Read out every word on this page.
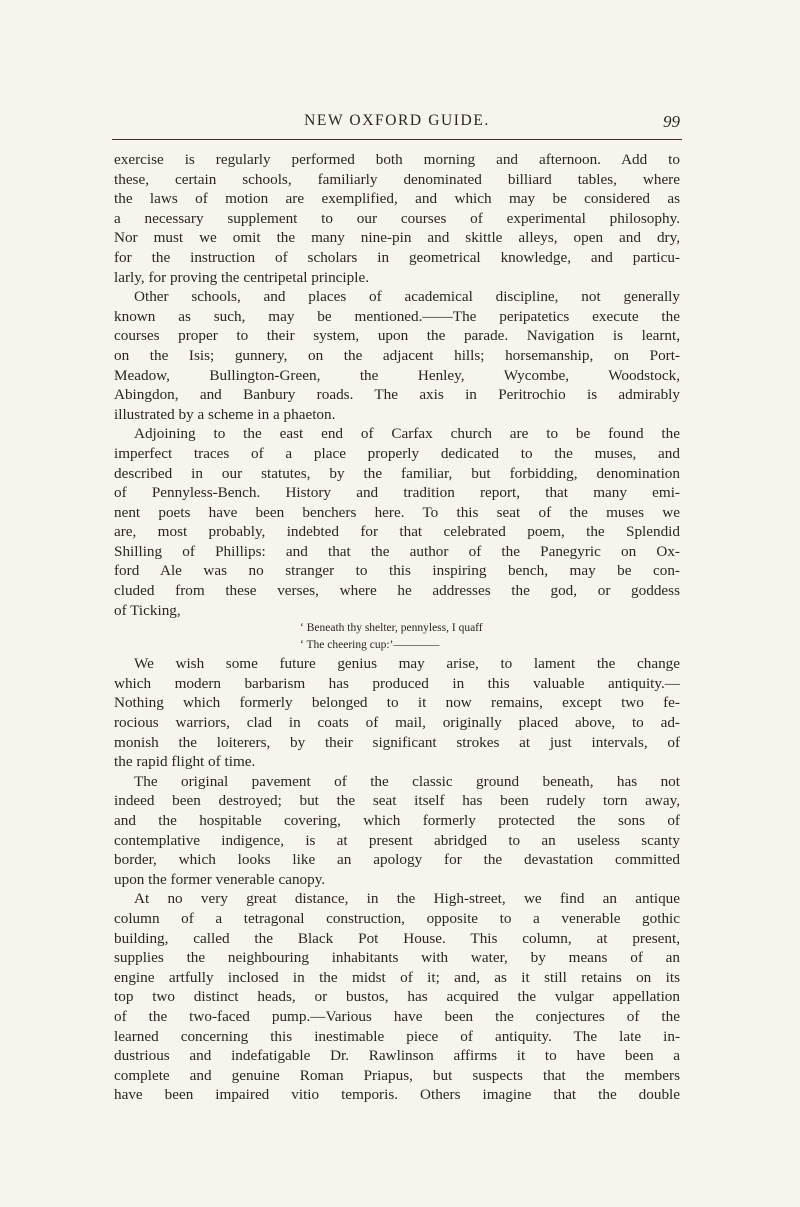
NEW OXFORD GUIDE.	99
exercise is regularly performed both morning and afternoon. Add to
these, certain schools, familiarly denominated billiard tables, where
the laws of motion are exemplified, and which may be considered as
a necessary supplement to our courses of experimental philosophy.
Nor must we omit the many nine-pin and skittle alleys, open and dry,
for the instruction of scholars in geometrical knowledge, and particu-
larly, for proving the centripetal principle.
Other schools, and places of academical discipline, not generally
known as such, may be mentioned.——The peripatetics execute the
courses proper to their system, upon the parade. Navigation is learnt,
on the Isis; gunnery, on the adjacent hills; horsemanship, on Port-
Meadow, Bullington-Green, the Henley, Wycombe, Woodstock,
Abingdon, and Banbury roads. The axis in Peritrochio is admirably
illustrated by a scheme in a phaeton.
Adjoining to the east end of Carfax church are to be found the
imperfect traces of a place properly dedicated to the muses, and
described in our statutes, by the familiar, but forbidding, denomination
of Pennyless-Bench. History and tradition report, that many emi-
nent poets have been benchers here. To this seat of the muses we
are, most probably, indebted for that celebrated poem, the Splendid
Shilling of Phillips: and that the author of the Panegyric on Ox-
ford Ale was no stranger to this inspiring bench, may be con-
cluded from these verses, where he addresses the god, or goddess
of Ticking,
‘ Beneath thy shelter, pennyless, I quaff
‘ The cheering cup:’————
We wish some future genius may arise, to lament the change
which modern barbarism has produced in this valuable antiquity.—
Nothing which formerly belonged to it now remains, except two fe-
rocious warriors, clad in coats of mail, originally placed above, to ad-
monish the loiterers, by their significant strokes at just intervals, of
the rapid flight of time.
The original pavement of the classic ground beneath, has not
indeed been destroyed; but the seat itself has been rudely torn away,
and the hospitable covering, which formerly protected the sons of
contemplative indigence, is at present abridged to an useless scanty
border, which looks like an apology for the devastation committed
upon the former venerable canopy.
At no very great distance, in the High-street, we find an antique
column of a tetragonal construction, opposite to a venerable gothic
building, called the Black Pot House. This column, at present,
supplies the neighbouring inhabitants with water, by means of an
engine artfully inclosed in the midst of it; and, as it still retains on its
top two distinct heads, or bustos, has acquired the vulgar appellation
of the two-faced pump.—Various have been the conjectures of the
learned concerning this inestimable piece of antiquity. The late in-
dustrious and indefatigable Dr. Rawlinson affirms it to have been a
complete and genuine Roman Priapus, but suspects that the members
have been impaired vitio temporis. Others imagine that the double
